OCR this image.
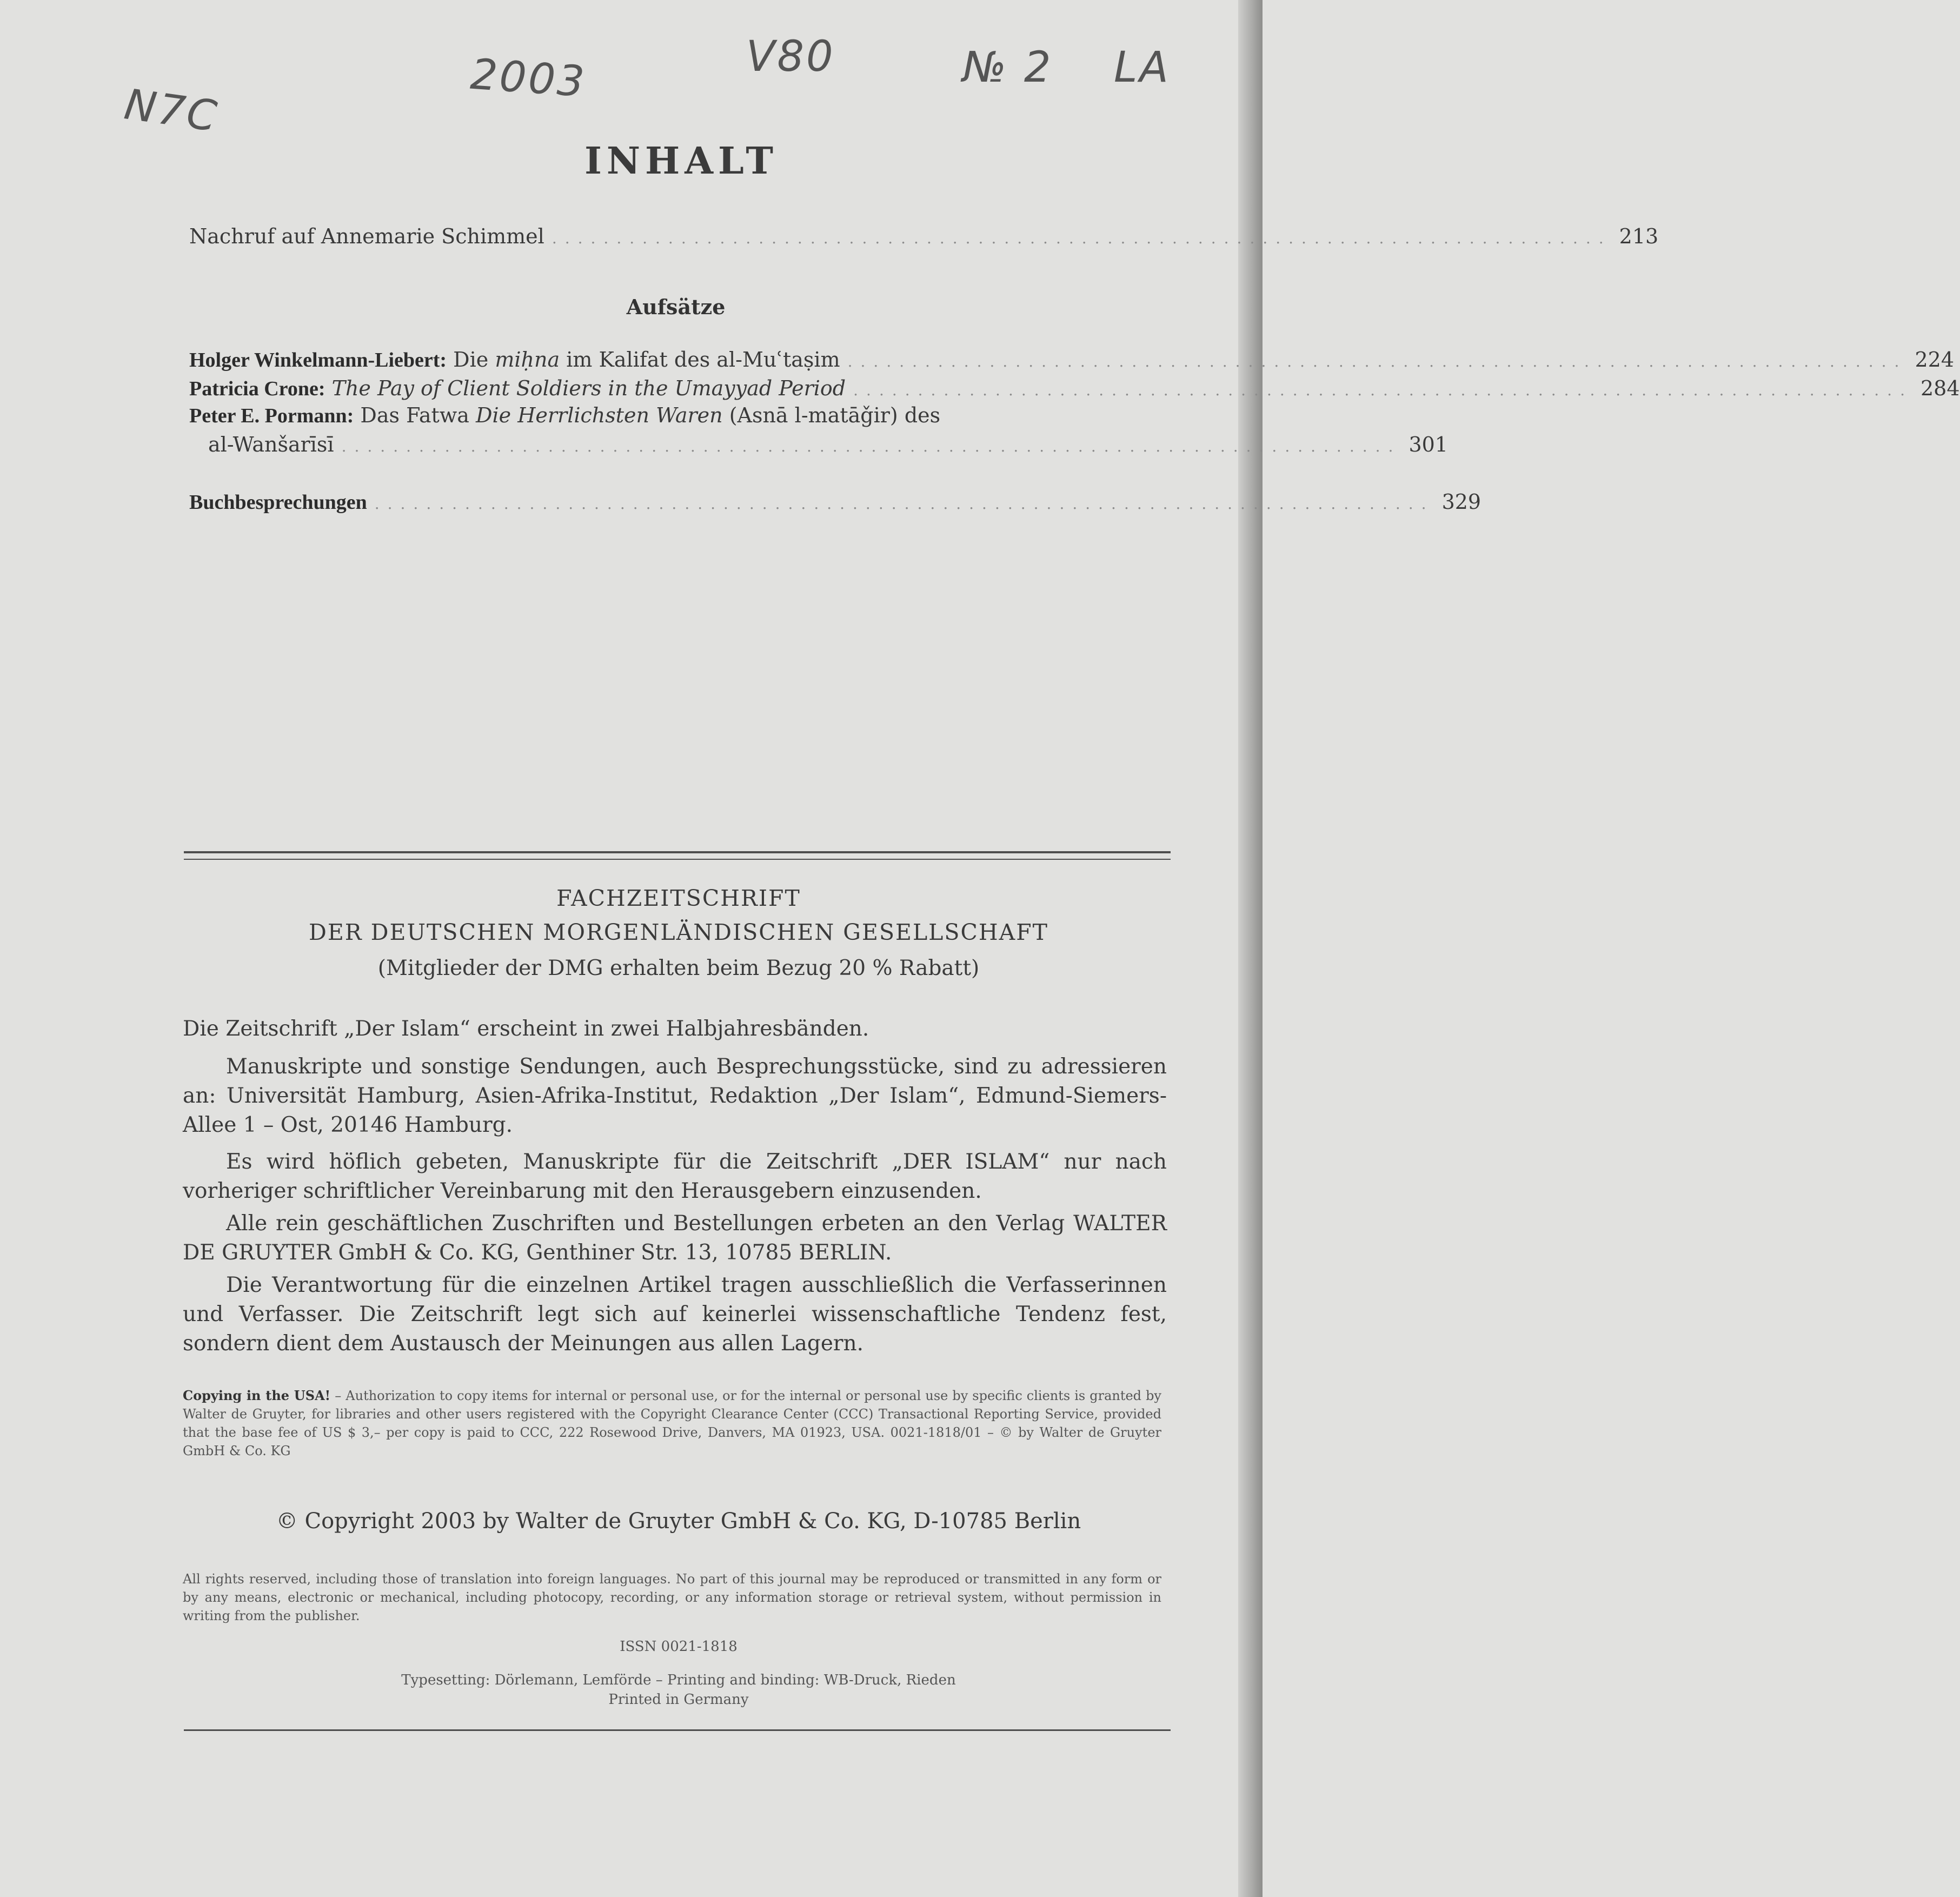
N7C
2003	V80	№ 2 LA
INHALT
Nachruf auf Annemarie Schimmel .................................................................................. 213
Aufsätze
Holger Winkelmann-Liebert: Die miḥna im Kalifat des al-Muʿtaṣim .................................................................................. 224
Patricia Crone: The Pay of Client Soldiers in the Umayyad Period .................................................................................. 284
Peter E. Pormann: Das Fatwa Die Herrlichsten Waren (Asnā l-matāǧir) des
al-Wanšarīsī .................................................................................. 301
Buchbesprechungen .................................................................................. 329
FACHZEITSCHRIFT
DER DEUTSCHEN MORGENLÄNDISCHEN GESELLSCHAFT
(Mitglieder der DMG erhalten beim Bezug 20 % Rabatt)
Die Zeitschrift „Der Islam“ erscheint in zwei Halbjahresbänden.
Manuskripte und sonstige Sendungen, auch Besprechungsstücke, sind zu adressieren an: Universität Hamburg, Asien-Afrika-Institut, Redaktion „Der Islam“, Edmund-Siemers-Allee 1 – Ost, 20146 Hamburg.
Es wird höflich gebeten, Manuskripte für die Zeitschrift „DER ISLAM“ nur nach vorheriger schriftlicher Vereinbarung mit den Herausgebern einzusenden.
Alle rein geschäftlichen Zuschriften und Bestellungen erbeten an den Verlag WALTER DE GRUYTER GmbH & Co. KG, Genthiner Str. 13, 10785 BERLIN.
Die Verantwortung für die einzelnen Artikel tragen ausschließlich die Verfasserinnen und Verfasser. Die Zeitschrift legt sich auf keinerlei wissenschaftliche Tendenz fest, sondern dient dem Austausch der Meinungen aus allen Lagern.
Copying in the USA! – Authorization to copy items for internal or personal use, or for the internal or personal use by specific clients is granted by Walter de Gruyter, for libraries and other users registered with the Copyright Clearance Center (CCC) Transactional Reporting Service, provided that the base fee of US $ 3,– per copy is paid to CCC, 222 Rosewood Drive, Danvers, MA 01923, USA. 0021-1818/01 – © by Walter de Gruyter GmbH & Co. KG
© Copyright 2003 by Walter de Gruyter GmbH & Co. KG, D-10785 Berlin
All rights reserved, including those of translation into foreign languages. No part of this journal may be reproduced or transmitted in any form or by any means, electronic or mechanical, including photocopy, recording, or any information storage or retrieval system, without permission in writing from the publisher.
ISSN 0021-1818
Typesetting: Dörlemann, Lemförde – Printing and binding: WB-Druck, Rieden
Printed in Germany
